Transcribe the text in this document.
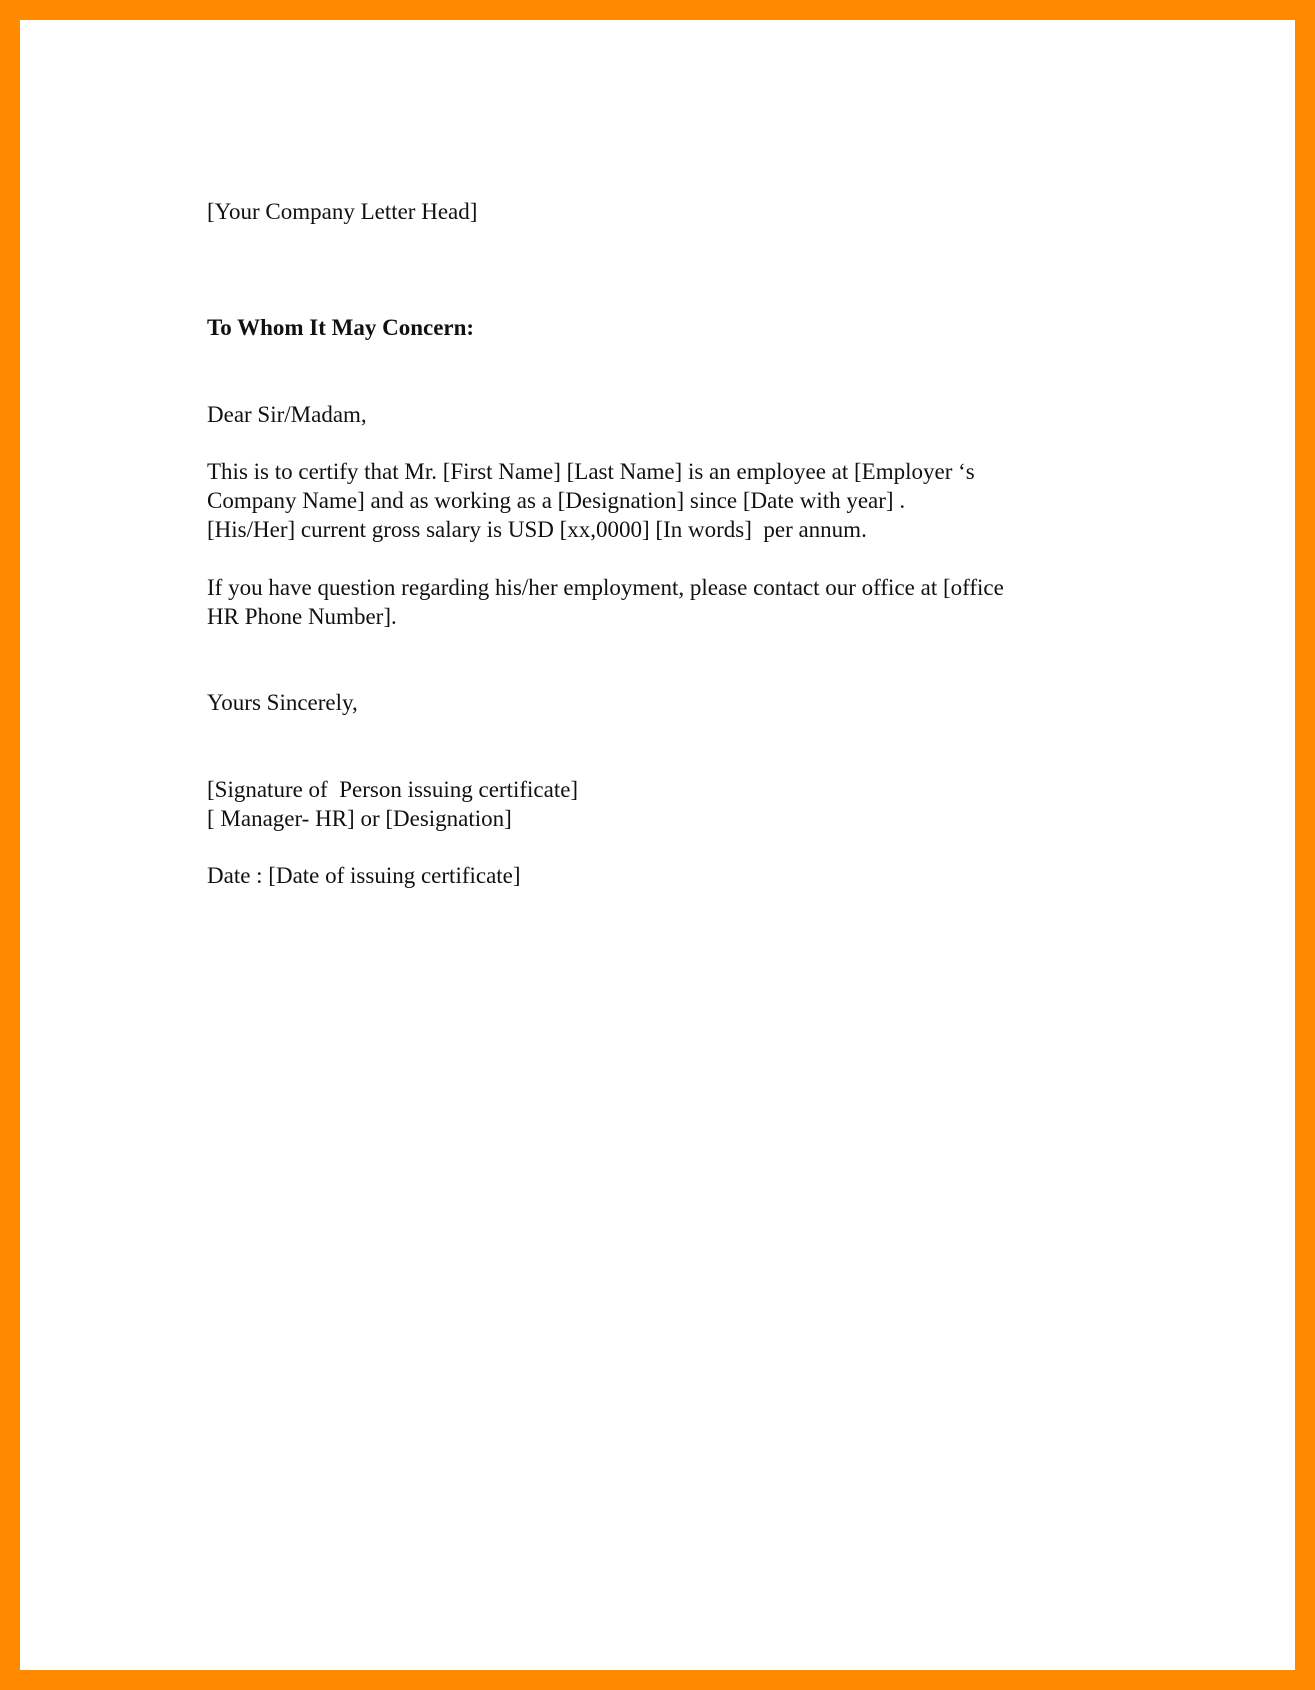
[Your Company Letter Head]
To Whom It May Concern:
Dear Sir/Madam,
This is to certify that Mr. [First Name] [Last Name] is an employee at [Employer ‘s
Company Name] and as working as a [Designation] since [Date with year] .
[His/Her] current gross salary is USD [xx,0000] [In words]  per annum.
If you have question regarding his/her employment, please contact our office at [office
HR Phone Number].
Yours Sincerely,
[Signature of  Person issuing certificate]
[ Manager- HR] or [Designation]
Date : [Date of issuing certificate]
